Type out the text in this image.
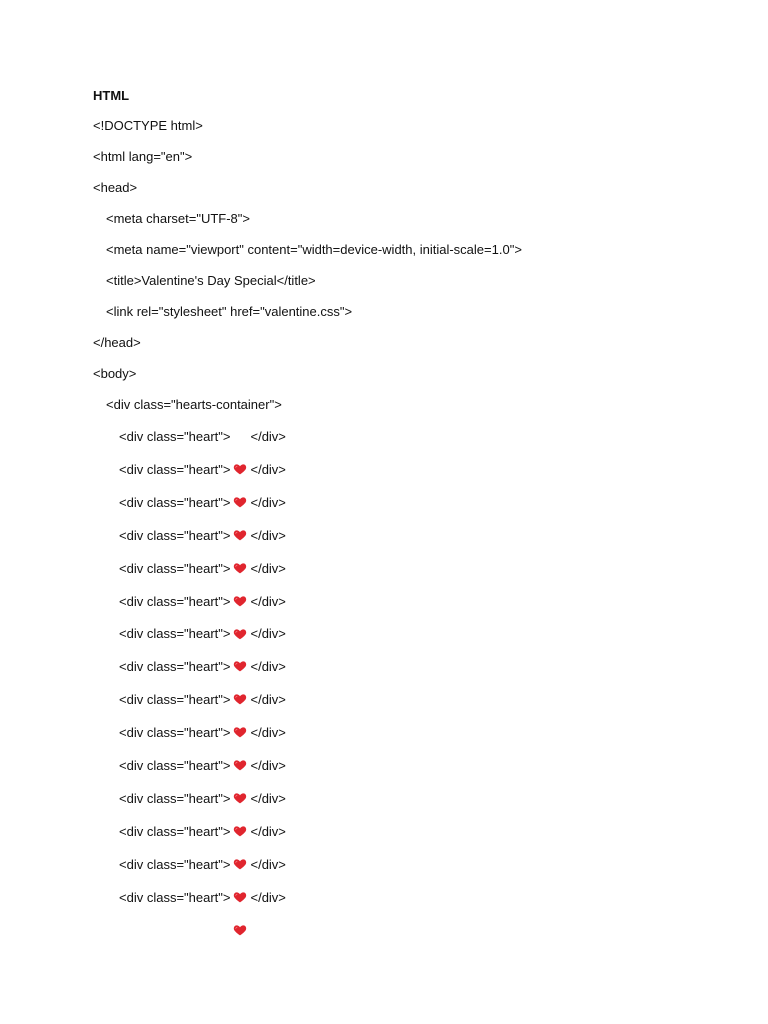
HTML
<!DOCTYPE html>
<html lang="en">
<head>
<meta charset="UTF-8">
<meta name="viewport" content="width=device-width, initial-scale=1.0">
<title>Valentine's Day Special</title>
<link rel="stylesheet" href="valentine.css">
</head>
<body>
<div class="hearts-container">
<div class="heart">

</div>
<div class="heart">

</div>
<div class="heart">

</div>
<div class="heart">

</div>
<div class="heart">

</div>
<div class="heart">

</div>
<div class="heart">

</div>
<div class="heart">

</div>
<div class="heart">

</div>
<div class="heart">

</div>
<div class="heart">

</div>
<div class="heart">

</div>
<div class="heart">

</div>
<div class="heart">

</div>
<div class="heart">

</div>
